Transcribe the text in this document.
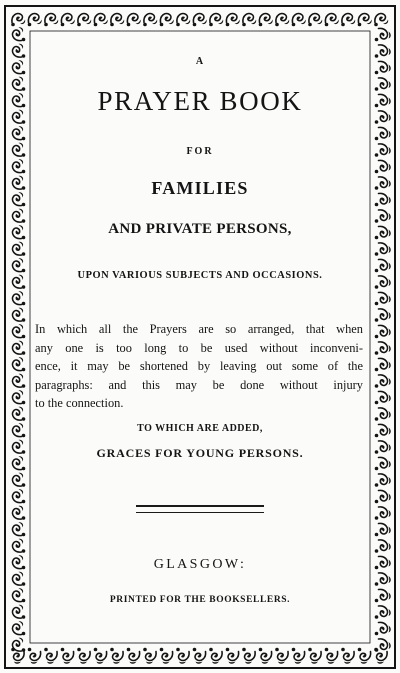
A
PRAYER BOOK
FOR
FAMILIES
AND PRIVATE PERSONS,
UPON VARIOUS SUBJECTS AND OCCASIONS.
In which all the Prayers are so arranged, that when
any one is too long to be used without inconveni-
ence, it may be shortened by leaving out some of the
paragraphs: and this may be done without injury
to the connection.
TO WHICH ARE ADDED,
GRACES FOR YOUNG PERSONS.
GLASGOW:
PRINTED FOR THE BOOKSELLERS.
